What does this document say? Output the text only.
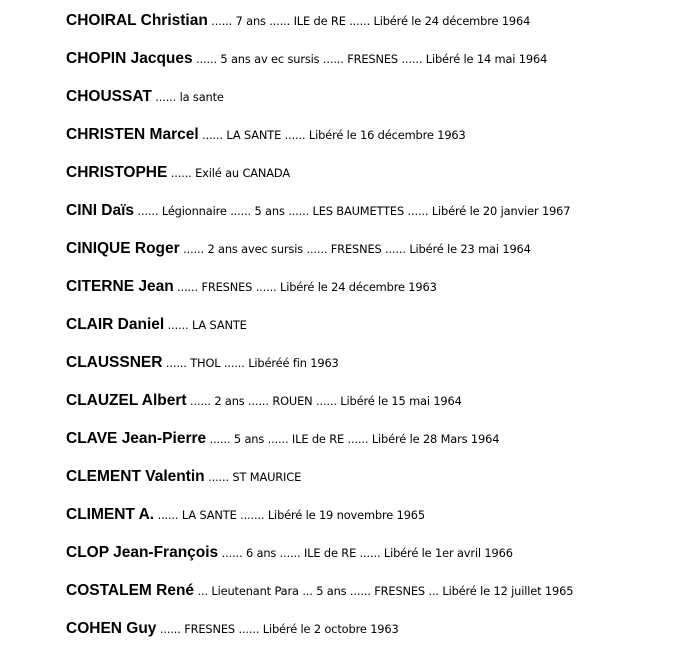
CHOIRAL Christian ...... 7 ans ...... ILE de RE ...... Libéré le 24 décembre 1964
CHOPIN Jacques ...... 5 ans av ec sursis ...... FRESNES ...... Libéré le 14 mai 1964
CHOUSSAT ...... la sante
CHRISTEN Marcel ...... LA SANTE ...... Libéré le 16 décembre 1963
CHRISTOPHE ...... Exilé au CANADA
CINI Daïs ...... Légionnaire ...... 5 ans ...... LES BAUMETTES ...... Libéré le 20 janvier 1967
CINIQUE Roger ...... 2 ans avec sursis ...... FRESNES ...... Libéré le 23 mai 1964
CITERNE Jean ...... FRESNES ...... Libéré le 24 décembre 1963
CLAIR Daniel ...... LA SANTE
CLAUSSNER ...... THOL ...... Libéréé fin 1963
CLAUZEL Albert ...... 2 ans ...... ROUEN ...... Libéré le 15 mai 1964
CLAVE Jean-Pierre ...... 5 ans ...... ILE de RE ...... Libéré le 28 Mars 1964
CLEMENT Valentin ...... ST MAURICE
CLIMENT A. ...... LA SANTE ....... Libéré le 19 novembre 1965
CLOP Jean-François ...... 6 ans ...... ILE de RE ...... Libéré le 1er avril 1966
COSTALEM René ... Lieutenant Para ... 5 ans ...... FRESNES ... Libéré le 12 juillet 1965
COHEN Guy ...... FRESNES ...... Libéré le 2 octobre 1963
